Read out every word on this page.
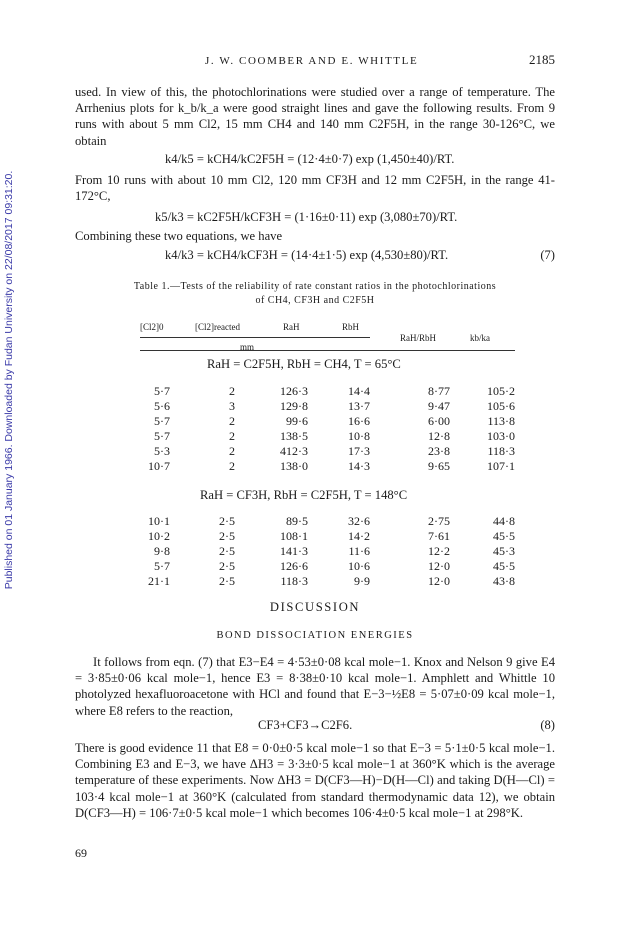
Published on 01 January 1966. Downloaded by Fudan University on 22/08/2017 09:31:20.
J. W. COOMBER AND E. WHITTLE	2185

used. In view of this, the photochlorinations were studied over a range of temperature. The Arrhenius plots for k_b/k_a were good straight lines and gave the following results. From 9 runs with about 5 mm Cl2, 15 mm CH4 and 140 mm C2F5H, in the range 30-126°C, we obtain

k4/k5 = kCH4/kC2F5H = (12·4±0·7) exp (1,450±40)/RT.

From 10 runs with about 10 mm Cl2, 120 mm CF3H and 12 mm C2F5H, in the range 41-172°C,

k5/k3 = kC2F5H/kCF3H = (1·16±0·11) exp (3,080±70)/RT.

Combining these two equations, we have

k4/k3 = kCH4/kCF3H = (14·4±1·5) exp (4,530±80)/RT.	(7)
Table 1.—Tests of the reliability of rate constant ratios in the photochlorinations
of CH4, CF3H and C2F5H
[Cl2]0	[Cl2]reacted	RaH	RbH
RaH/RbH	kb/ka
mm
RaH = C2F5H, RbH = CH4, T = 65°C
5·7	2	126·3	14·4	8·77	105·2
5·6	3	129·8	13·7	9·47	105·6
5·7	2	99·6	16·6	6·00	113·8
5·7	2	138·5	10·8	12·8	103·0
5·3	2	412·3	17·3	23·8	118·3
10·7	2	138·0	14·3	9·65	107·1
RaH = CF3H, RbH = C2F5H, T = 148°C
10·1	2·5	89·5	32·6	2·75	44·8
10·2	2·5	108·1	14·2	7·61	45·5
9·8	2·5	141·3	11·6	12·2	45·3
5·7	2·5	126·6	10·6	12·0	45·5
21·1	2·5	118·3	9·9	12·0	43·8
DISCUSSION
BOND DISSOCIATION ENERGIES

It follows from eqn. (7) that E3−E4 = 4·53±0·08 kcal mole−1. Knox and Nelson 9 give E4 = 3·85±0·06 kcal mole−1, hence E3 = 8·38±0·10 kcal mole−1. Amphlett and Whittle 10 photolyzed hexafluoroacetone with HCl and found that E−3−½E8 = 5·07±0·09 kcal mole−1, where E8 refers to the reaction,

CF3+CF3→C2F6.	(8)

There is good evidence 11 that E8 = 0·0±0·5 kcal mole−1 so that E−3 = 5·1±0·5 kcal mole−1. Combining E3 and E−3, we have ΔH3 = 3·3±0·5 kcal mole−1 at 360°K which is the average temperature of these experiments. Now ΔH3 = D(CF3—H)−D(H—Cl) and taking D(H—Cl) = 103·4 kcal mole−1 at 360°K (calculated from standard thermodynamic data 12), we obtain D(CF3—H) = 106·7±0·5 kcal mole−1 which becomes 106·4±0·5 kcal mole−1 at 298°K.

69
